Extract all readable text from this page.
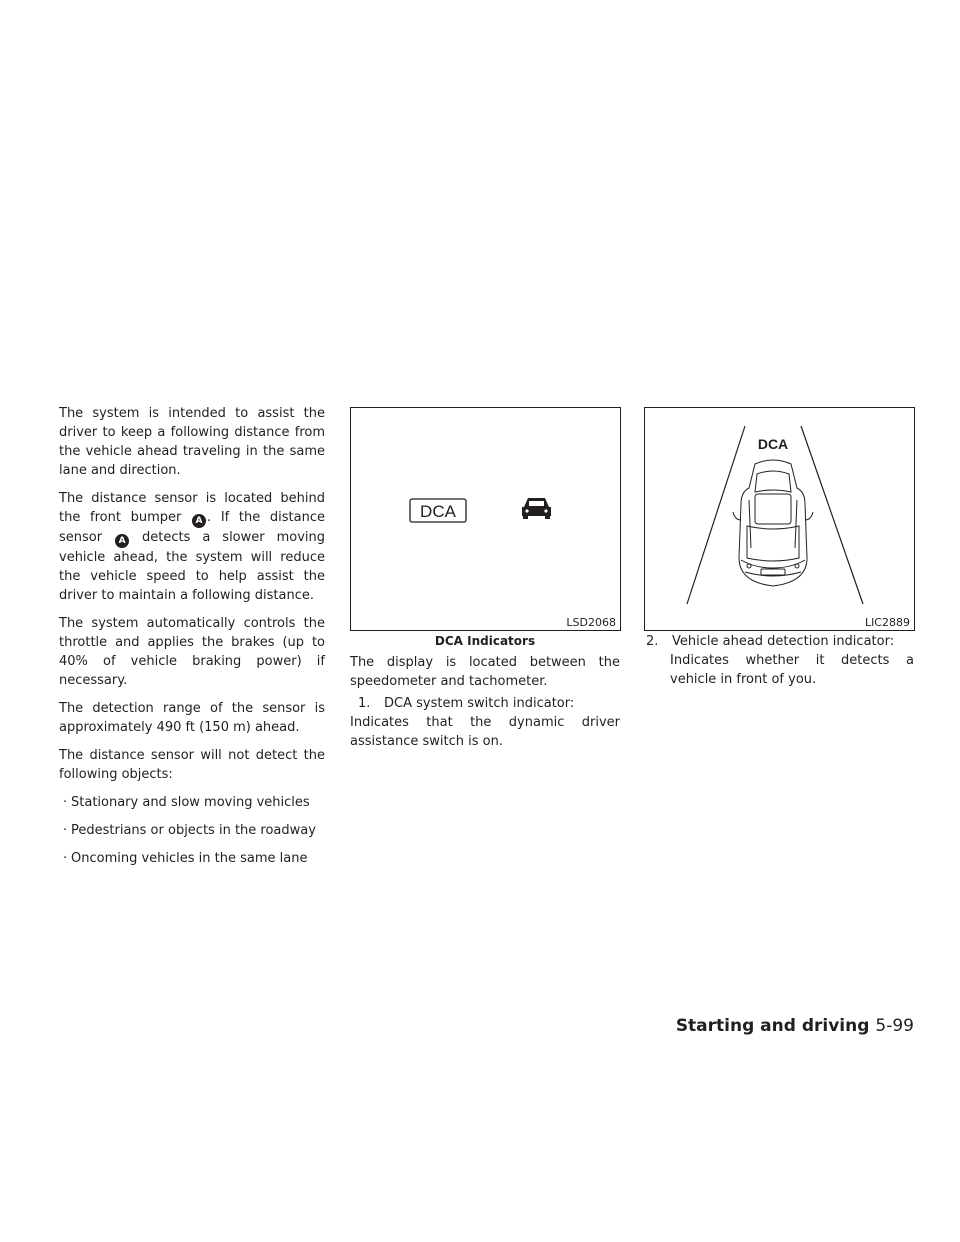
The system is intended to assist the driver to keep a following distance from the vehicle ahead traveling in the same lane and direction.

The distance sensor is located behind the front bumper A . If the distance sensor A detects a slower moving vehicle ahead, the system will reduce the vehicle speed to help assist the driver to maintain a following distance.

The system automatically controls the throttle and applies the brakes (up to 40% of vehicle braking power) if necessary.

The detection range of the sensor is approximately 490 ft (150 m) ahead.

The distance sensor will not detect the following objects:

· Stationary and slow moving vehicles
· Pedestrians or objects in the roadway
· Oncoming vehicles in the same lane
DCA
LSD2068
DCA
LIC2889
DCA Indicators

The display is located between the speedometer and tachometer.

1. DCA system switch indicator:

Indicates that the dynamic driver assistance switch is on.

2. Vehicle ahead detection indicator:

Indicates whether it detects a vehicle in front of you.

Starting and driving 5-99
